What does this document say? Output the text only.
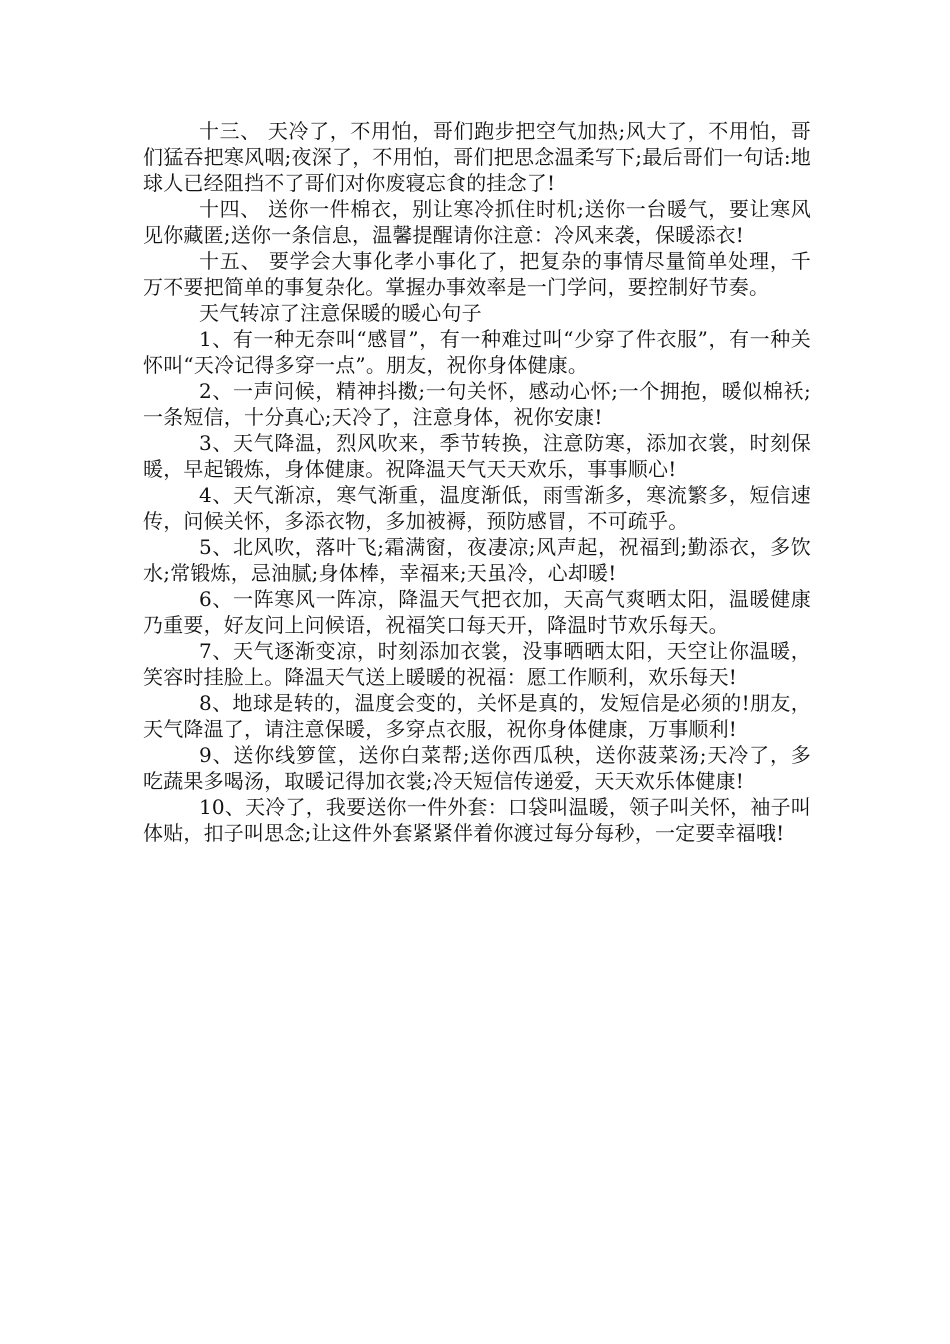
十三、 天冷了，不用怕，哥们跑步把空气加热;风大了，不用怕，哥们猛吞把寒风咽;夜深了，不用怕，哥们把思念温柔写下;最后哥们一句话:地球人已经阻挡不了哥们对你废寝忘食的挂念了!

十四、 送你一件棉衣，别让寒冷抓住时机;送你一台暖气，要让寒风见你藏匿;送你一条信息，温馨提醒请你注意：冷风来袭，保暖添衣!

十五、 要学会大事化孝小事化了，把复杂的事情尽量简单处理，千万不要把简单的事复杂化。掌握办事效率是一门学问，要控制好节奏。

天气转凉了注意保暖的暖心句子

1、有一种无奈叫“感冒”，有一种难过叫“少穿了件衣服”，有一种关怀叫“天冷记得多穿一点”。朋友，祝你身体健康。

2、一声问候，精神抖擞;一句关怀，感动心怀;一个拥抱，暖似棉袄;一条短信，十分真心;天冷了，注意身体，祝你安康!

3、天气降温，烈风吹来，季节转换，注意防寒，添加衣裳，时刻保暖，早起锻炼，身体健康。祝降温天气天天欢乐，事事顺心!

4、天气渐凉，寒气渐重，温度渐低，雨雪渐多，寒流繁多，短信速传，问候关怀，多添衣物，多加被褥，预防感冒，不可疏乎。

5、北风吹，落叶飞;霜满窗，夜凄凉;风声起，祝福到;勤添衣，多饮水;常锻炼，忌油腻;身体棒，幸福来;天虽冷，心却暖!

6、一阵寒风一阵凉，降温天气把衣加，天高气爽晒太阳，温暖健康乃重要，好友问上问候语，祝福笑口每天开，降温时节欢乐每天。

7、天气逐渐变凉，时刻添加衣裳，没事晒晒太阳，天空让你温暖，笑容时挂脸上。降温天气送上暖暖的祝福：愿工作顺利，欢乐每天!

8、地球是转的，温度会变的，关怀是真的，发短信是必须的!朋友，天气降温了，请注意保暖，多穿点衣服，祝你身体健康，万事顺利!

9、送你线箩筐，送你白菜帮;送你西瓜秧，送你菠菜汤;天冷了，多吃蔬果多喝汤，取暖记得加衣裳;冷天短信传递爱，天天欢乐体健康!

10、天冷了，我要送你一件外套：口袋叫温暖，领子叫关怀，袖子叫体贴，扣子叫思念;让这件外套紧紧伴着你渡过每分每秒，一定要幸福哦!
